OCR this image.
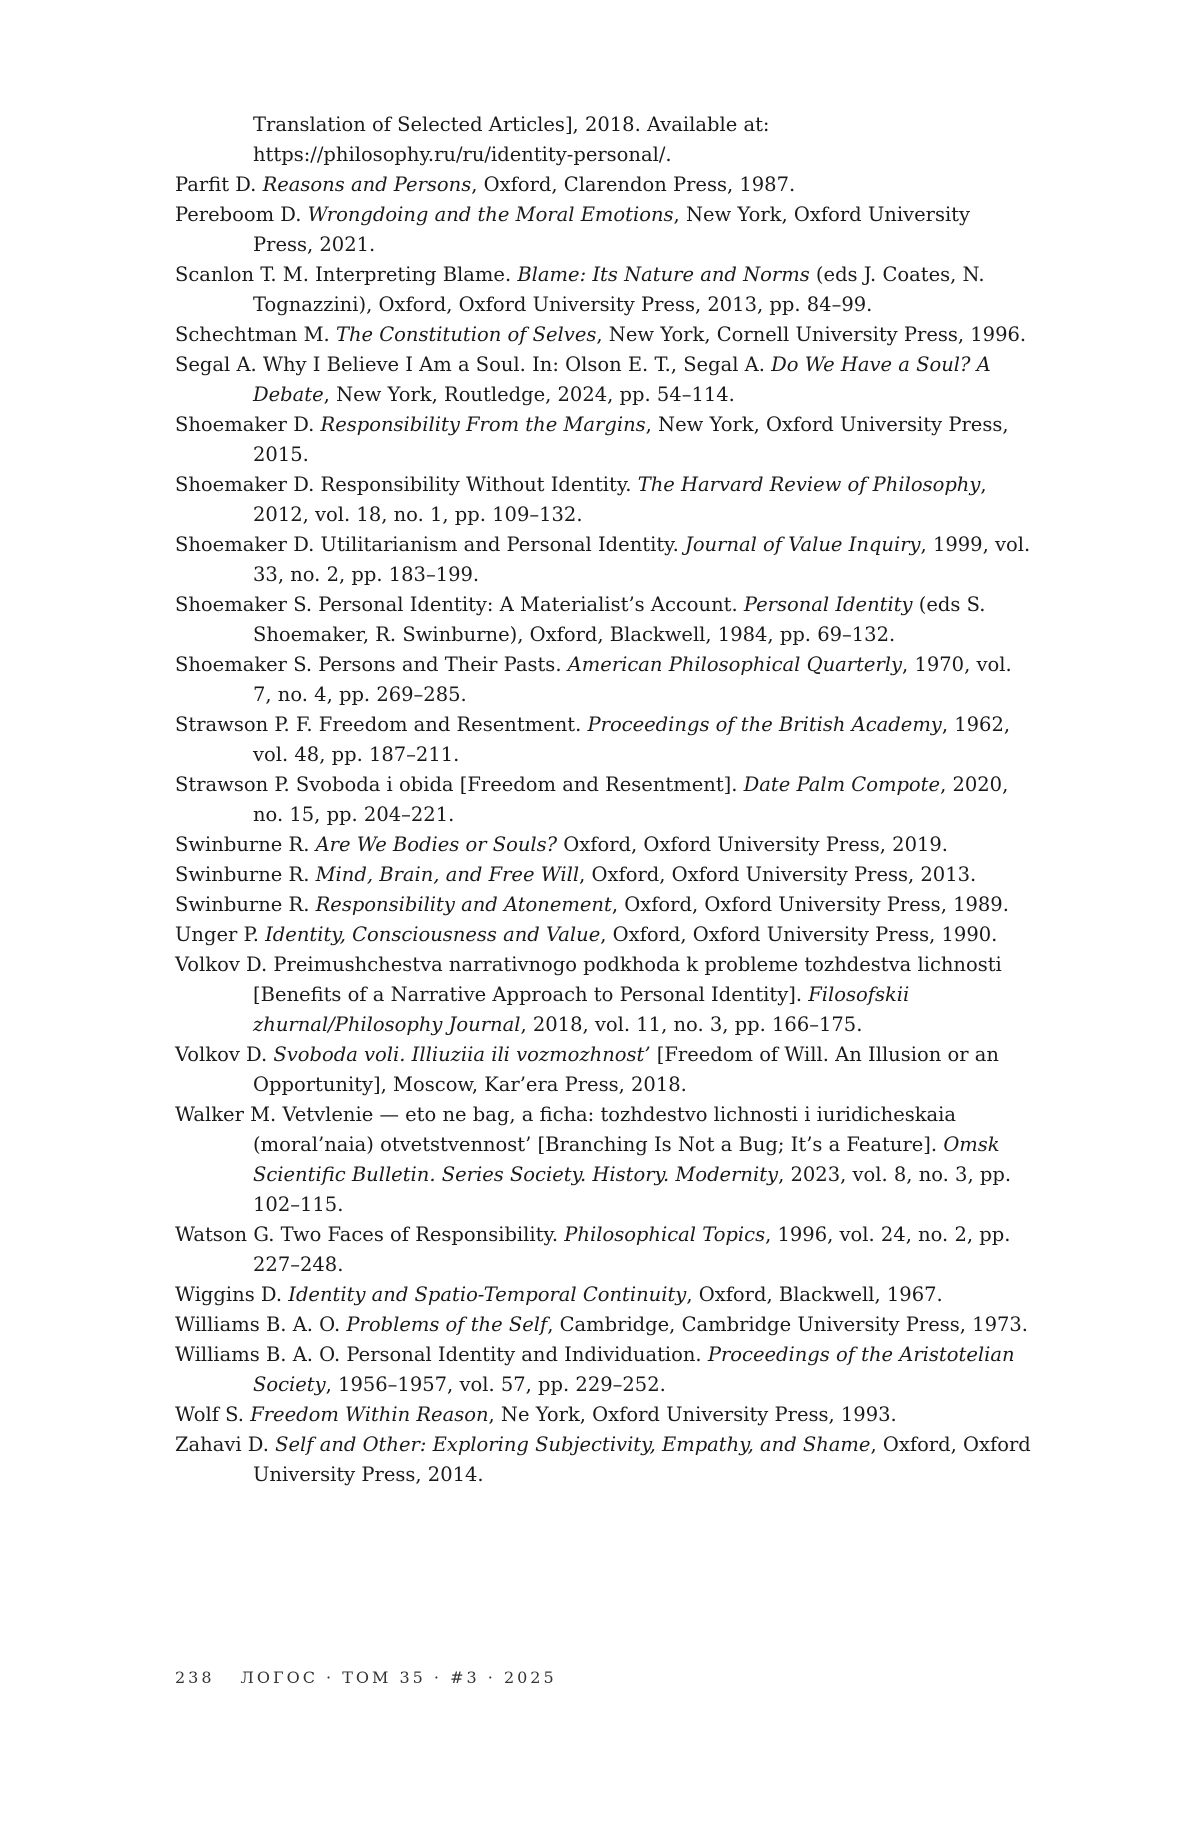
Translation of Selected Articles], 2018. Available at: https://philosophy.ru/ru/identity-personal/.
Parfit D. Reasons and Persons, Oxford, Clarendon Press, 1987.
Pereboom D. Wrongdoing and the Moral Emotions, New York, Oxford University Press, 2021.
Scanlon T. M. Interpreting Blame. Blame: Its Nature and Norms (eds J. Coates, N. Tognazzini), Oxford, Oxford University Press, 2013, pp. 84–99.
Schechtman M. The Constitution of Selves, New York, Cornell University Press, 1996.
Segal A. Why I Believe I Am a Soul. In: Olson E. T., Segal A. Do We Have a Soul? A Debate, New York, Routledge, 2024, pp. 54–114.
Shoemaker D. Responsibility From the Margins, New York, Oxford University Press, 2015.
Shoemaker D. Responsibility Without Identity. The Harvard Review of Philosophy, 2012, vol. 18, no. 1, pp. 109–132.
Shoemaker D. Utilitarianism and Personal Identity. Journal of Value Inquiry, 1999, vol. 33, no. 2, pp. 183–199.
Shoemaker S. Personal Identity: A Materialist’s Account. Personal Identity (eds S. Shoemaker, R. Swinburne), Oxford, Blackwell, 1984, pp. 69–132.
Shoemaker S. Persons and Their Pasts. American Philosophical Quarterly, 1970, vol. 7, no. 4, pp. 269–285.
Strawson P. F. Freedom and Resentment. Proceedings of the British Academy, 1962, vol. 48, pp. 187–211.
Strawson P. Svoboda i obida [Freedom and Resentment]. Date Palm Compote, 2020, no. 15, pp. 204–221.
Swinburne R. Are We Bodies or Souls? Oxford, Oxford University Press, 2019.
Swinburne R. Mind, Brain, and Free Will, Oxford, Oxford University Press, 2013.
Swinburne R. Responsibility and Atonement, Oxford, Oxford University Press, 1989.
Unger P. Identity, Consciousness and Value, Oxford, Oxford University Press, 1990.
Volkov D. Preimushchestva narrativnogo podkhoda k probleme tozhdestva lichnosti [Benefits of a Narrative Approach to Personal Identity]. Filosofskii zhurnal/Philosophy Journal, 2018, vol. 11, no. 3, pp. 166–175.
Volkov D. Svoboda voli. Illiuziia ili vozmozhnost’ [Freedom of Will. An Illusion or an Opportunity], Moscow, Kar’era Press, 2018.
Walker M. Vetvlenie — eto ne bag, a ficha: tozhdestvo lichnosti i iuridicheskaia (moral’naia) otvetstvennost’ [Branching Is Not a Bug; It’s a Feature]. Omsk Scientific Bulletin. Series Society. History. Modernity, 2023, vol. 8, no. 3, pp. 102–115.
Watson G. Two Faces of Responsibility. Philosophical Topics, 1996, vol. 24, no. 2, pp. 227–248.
Wiggins D. Identity and Spatio-Temporal Continuity, Oxford, Blackwell, 1967.
Williams B. A. O. Problems of the Self, Cambridge, Cambridge University Press, 1973.
Williams B. A. O. Personal Identity and Individuation. Proceedings of the Aristotelian Society, 1956–1957, vol. 57, pp. 229–252.
Wolf S. Freedom Within Reason, Ne York, Oxford University Press, 1993.
Zahavi D. Self and Other: Exploring Subjectivity, Empathy, and Shame, Oxford, Oxford University Press, 2014.
238 ЛОГОС · ТОМ 35 · #3 · 2025
